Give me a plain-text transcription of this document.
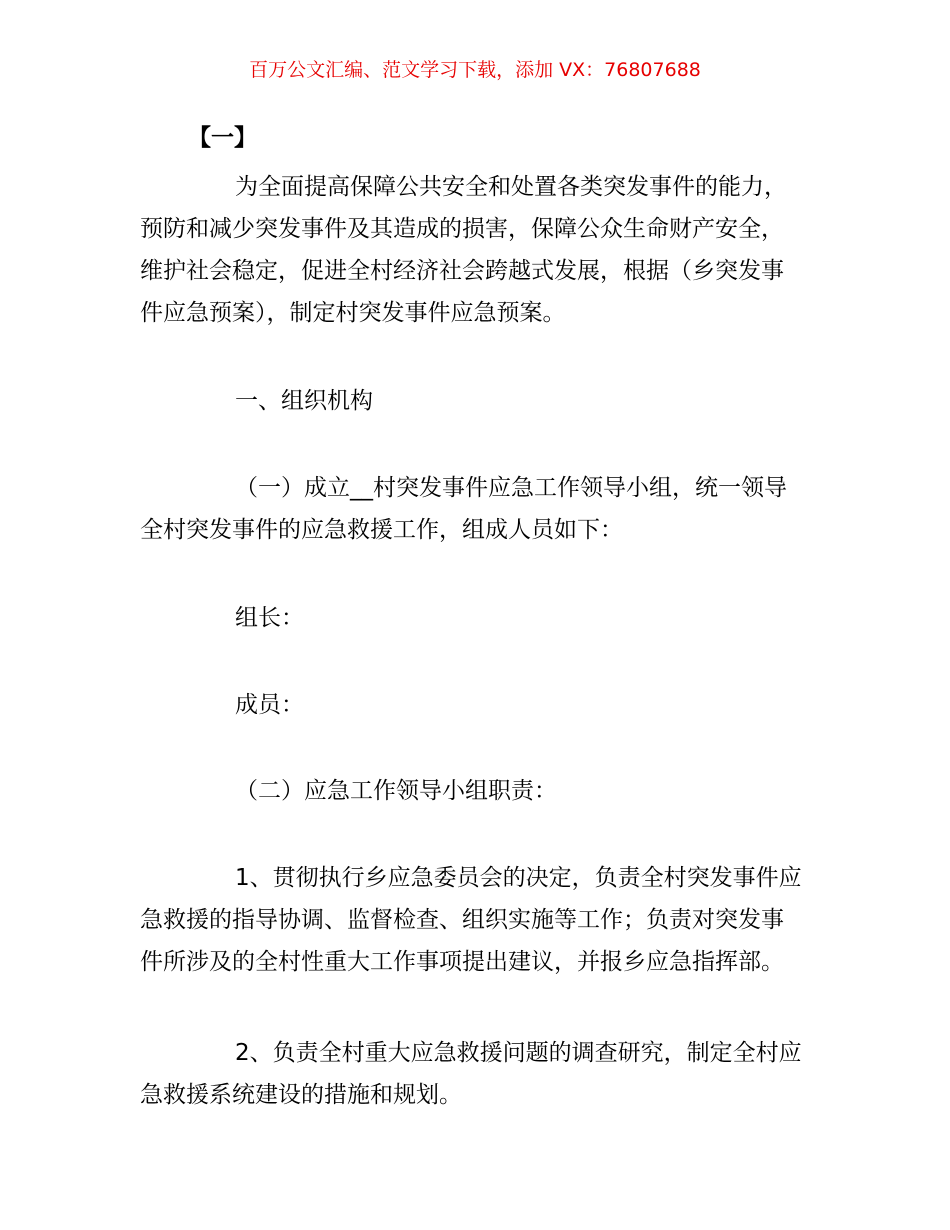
百万公文汇编、范文学习下载，添加 VX：76807688
【一】

为全面提高保障公共安全和处置各类突发事件的能力，
预防和减少突发事件及其造成的损害，保障公众生命财产安全，
维护社会稳定，促进全村经济社会跨越式发展，根据（乡突发事
件应急预案），制定村突发事件应急预案。

一、组织机构

（一）成立__村突发事件应急工作领导小组，统一领导
全村突发事件的应急救援工作，组成人员如下：

组长：
成员：
（二）应急工作领导小组职责：

1、贯彻执行乡应急委员会的决定，负责全村突发事件应
急救援的指导协调、监督检查、组织实施等工作；负责对突发事
件所涉及的全村性重大工作事项提出建议，并报乡应急指挥部。

2、负责全村重大应急救援问题的调查研究，制定全村应
急救援系统建设的措施和规划。
